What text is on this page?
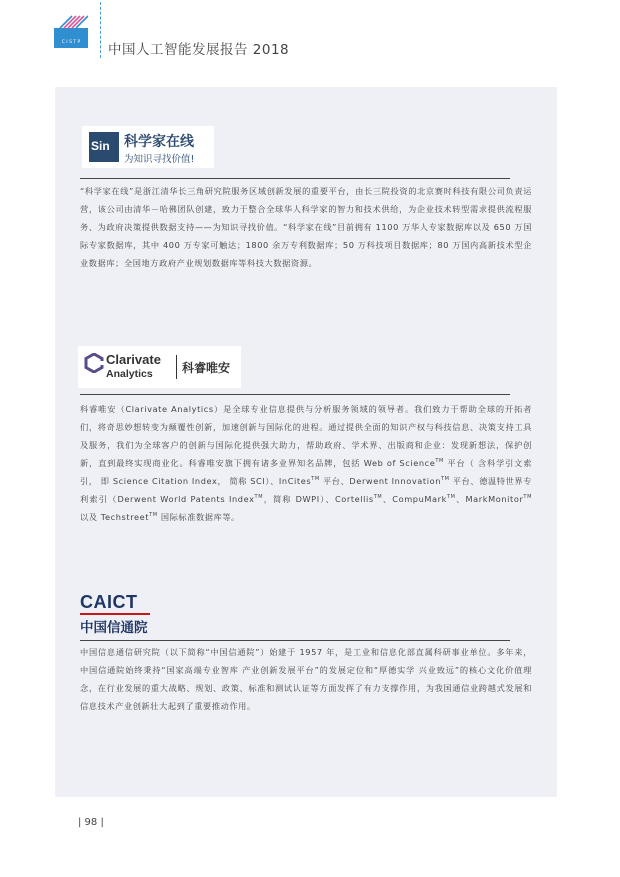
C I S T P 中国人工智能发展报告 2018
Sin 科学家在线
为知识寻找价值!

“科学家在线”是浙江清华长三角研究院服务区域创新发展的重要平台，由长三院投资的北京赛时科技有限公司负责运营，该公司由清华－哈佛团队创建，致力于整合全球华人科学家的智力和技术供给，为企业技术转型需求提供流程服务、为政府决策提供数据支持——为知识寻找价值。“科学家在线”目前拥有 1100 万华人专家数据库以及 650 万国际专家数据库，其中 400 万专家可触达；1800 余万专利数据库；50 万科技项目数据库；80 万国内高新技术型企业数据库；全国地方政府产业规划数据库等科技大数据资源。

Clarivate
Analytics 科睿唯安

科睿唯安（Clarivate Analytics）是全球专业信息提供与分析服务领域的领导者。我们致力于帮助全球的开拓者们，将奇思妙想转变为颠覆性创新，加速创新与国际化的进程。通过提供全面的知识产权与科技信息、决策支持工具及服务，我们为全球客户的创新与国际化提供强大助力，帮助政府、学术界、出版商和企业：发现新想法，保护创新，直到最终实现商业化。科睿唯安旗下拥有诸多业界知名品牌，包括 Web of Science™ 平台（ 含科学引文索引， 即 Science Citation Index， 简称 SCI）、InCites™ 平台、Derwent Innovation™ 平台、德温特世界专利索引（Derwent World Patents Index™，简称 DWPI）、Cortellis™、CompuMark™、MarkMonitor™ 以及 Techstreet™ 国际标准数据库等。

CAICT
中国信通院

中国信息通信研究院（以下简称“中国信通院”）始建于 1957 年，是工业和信息化部直属科研事业单位。多年来，中国信通院始终秉持“国家高端专业智库 产业创新发展平台”的发展定位和“厚德实学 兴业致远”的核心文化价值理念，在行业发展的重大战略、规划、政策、标准和测试认证等方面发挥了有力支撑作用，为我国通信业跨越式发展和信息技术产业创新壮大起到了重要推动作用。

| 98 |
